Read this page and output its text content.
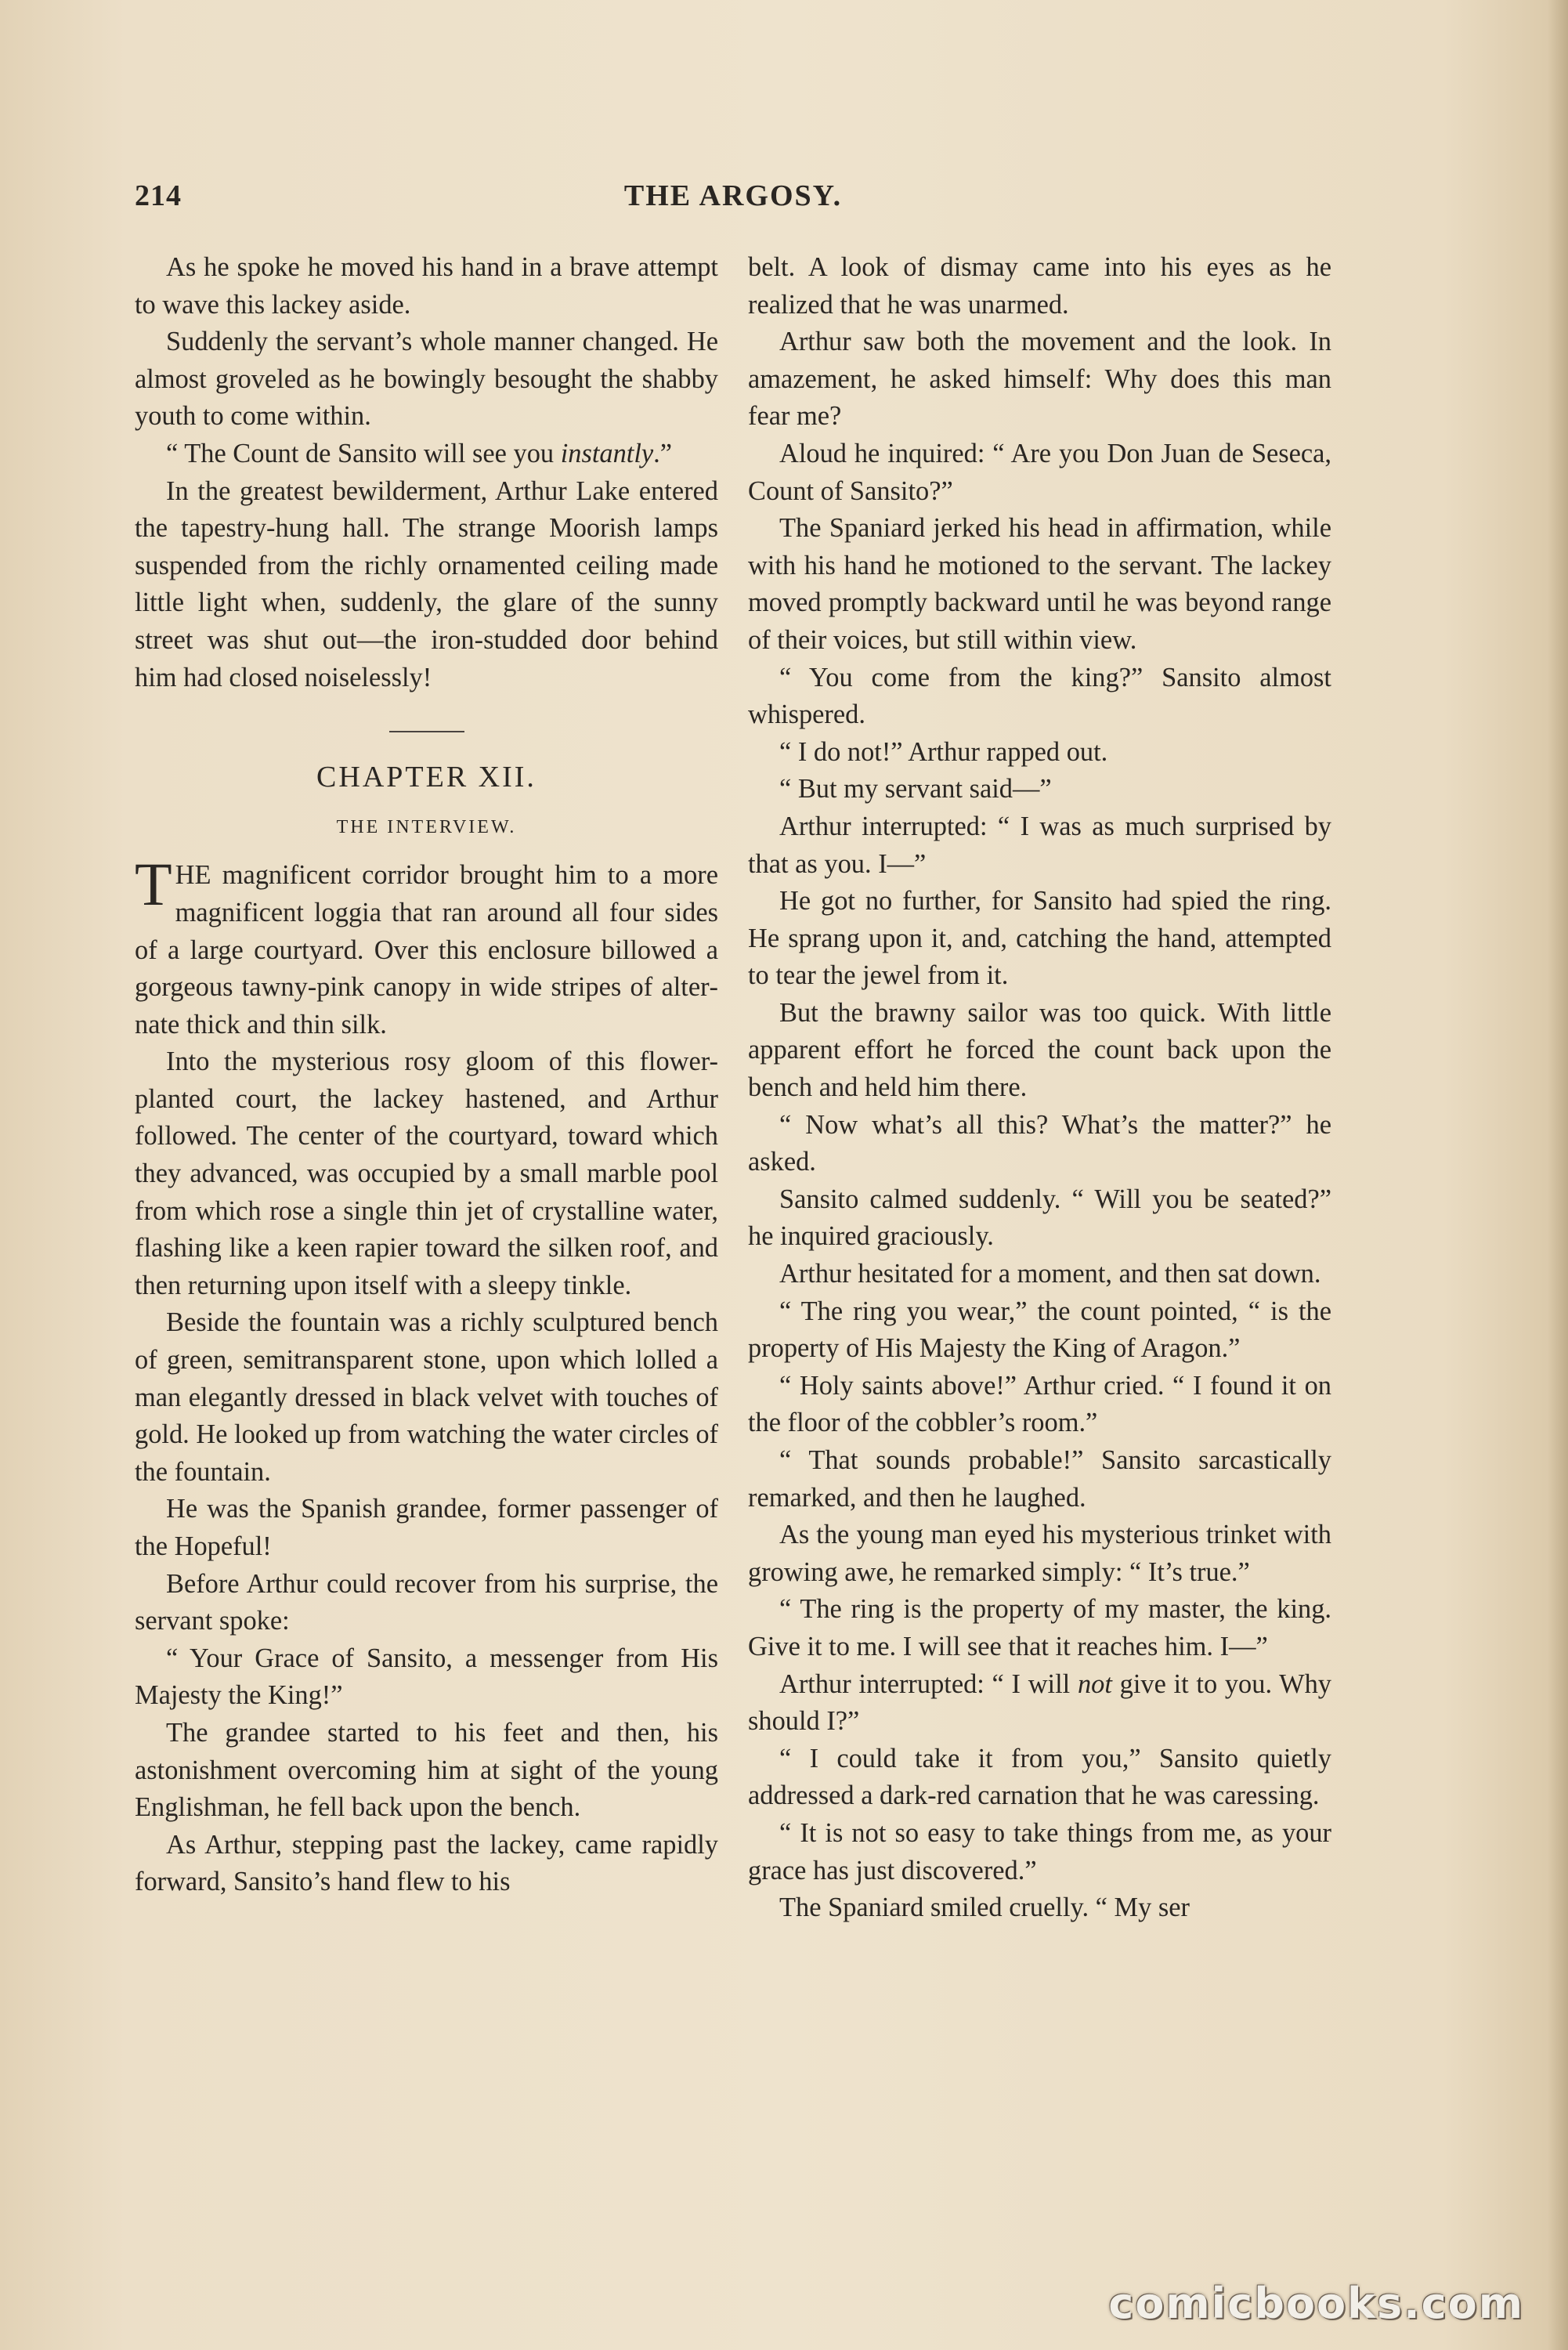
214	THE ARGOSY.

As he spoke he moved his hand in a brave attempt to wave this lackey aside.

Suddenly the servant’s whole manner changed. He almost groveled as he bowingly besought the shabby youth to come within.

“ The Count de Sansito will see you instantly.”

In the greatest bewilderment, Arthur Lake entered the tapestry-hung hall. The strange Moorish lamps suspended from the richly ornamented ceiling made little light when, suddenly, the glare of the sunny street was shut out—the iron-studded door behind him had closed noiselessly!

CHAPTER XII.

THE INTERVIEW.

THE magnificent corridor brought him to a more magnificent loggia that ran around all four sides of a large courtyard. Over this enclosure billowed a gorgeous tawny-pink canopy in wide stripes of alternate thick and thin silk.

Into the mysterious rosy gloom of this flower-planted court, the lackey hastened, and Arthur followed. The center of the courtyard, toward which they advanced, was occupied by a small marble pool from which rose a single thin jet of crystalline water, flashing like a keen rapier toward the silken roof, and then returning upon itself with a sleepy tinkle.

Beside the fountain was a richly sculptured bench of green, semitransparent stone, upon which lolled a man elegantly dressed in black velvet with touches of gold. He looked up from watching the water circles of the fountain.

He was the Spanish grandee, former passenger of the Hopeful!

Before Arthur could recover from his surprise, the servant spoke:

“ Your Grace of Sansito, a messenger from His Majesty the King!”

The grandee started to his feet and then, his astonishment overcoming him at sight of the young Englishman, he fell back upon the bench.

As Arthur, stepping past the lackey, came rapidly forward, Sansito’s hand flew to his

belt. A look of dismay came into his eyes as he realized that he was unarmed.

Arthur saw both the movement and the look. In amazement, he asked himself: Why does this man fear me?

Aloud he inquired: “ Are you Don Juan de Seseca, Count of Sansito?”

The Spaniard jerked his head in affirmation, while with his hand he motioned to the servant. The lackey moved promptly backward until he was beyond range of their voices, but still within view.

“ You come from the king?” Sansito almost whispered.

“ I do not!” Arthur rapped out.

“ But my servant said—”

Arthur interrupted: “ I was as much surprised by that as you. I—”

He got no further, for Sansito had spied the ring. He sprang upon it, and, catching the hand, attempted to tear the jewel from it.

But the brawny sailor was too quick. With little apparent effort he forced the count back upon the bench and held him there.

“ Now what’s all this? What’s the matter?” he asked.

Sansito calmed suddenly. “ Will you be seated?” he inquired graciously.

Arthur hesitated for a moment, and then sat down.

“ The ring you wear,” the count pointed, “ is the property of His Majesty the King of Aragon.”

“ Holy saints above!” Arthur cried. “ I found it on the floor of the cobbler’s room.”

“ That sounds probable!” Sansito sarcastically remarked, and then he laughed.

As the young man eyed his mysterious trinket with growing awe, he remarked simply: “ It’s true.”

“ The ring is the property of my master, the king. Give it to me. I will see that it reaches him. I—”

Arthur interrupted: “ I will not give it to you. Why should I?”

“ I could take it from you,” Sansito quietly addressed a dark-red carnation that he was caressing.

“ It is not so easy to take things from me, as your grace has just discovered.”

The Spaniard smiled cruelly. “ My ser

comicbooks.com
